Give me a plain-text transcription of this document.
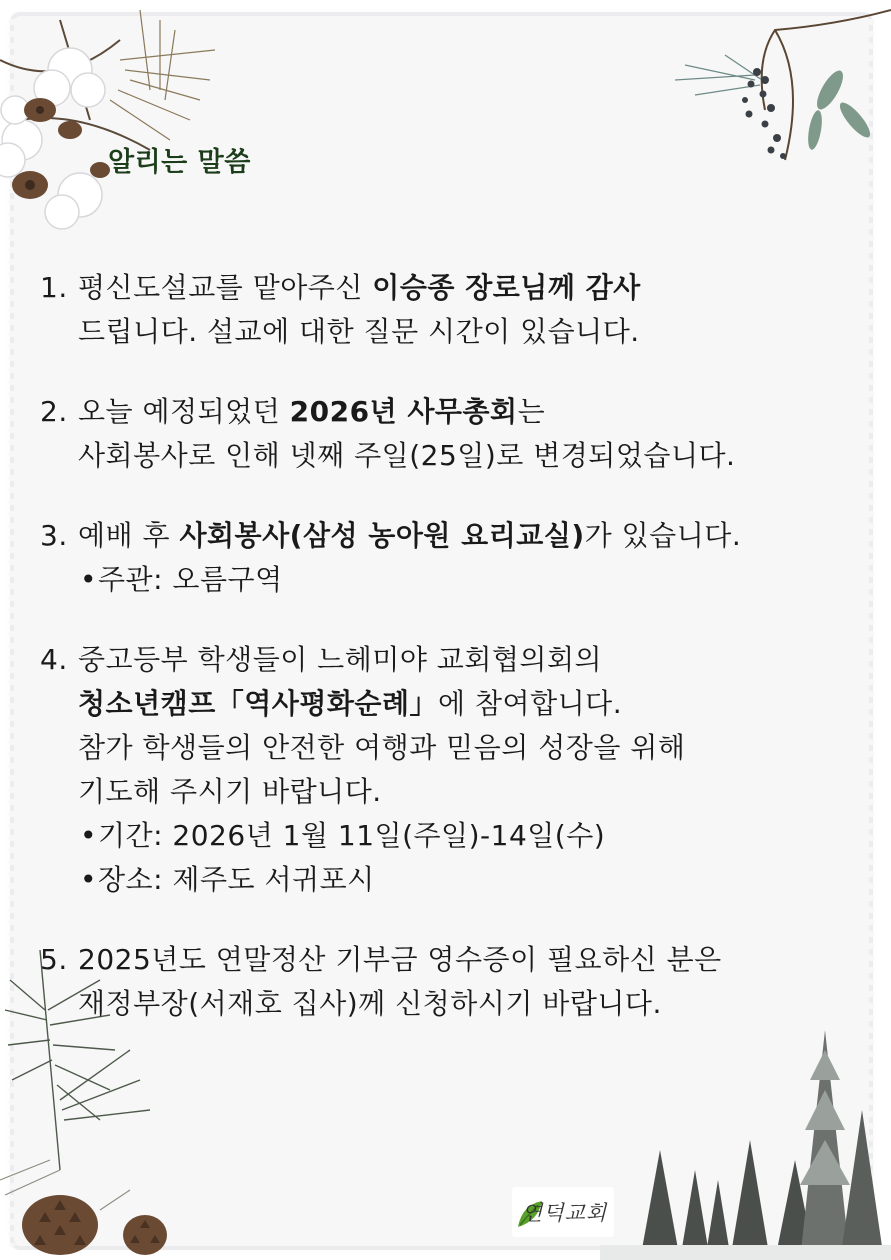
알리는 말씀
1. 평신도설교를 맡아주신 이승종 장로님께 감사
드립니다. 설교에 대한 질문 시간이 있습니다.
2. 오늘 예정되었던 2026년 사무총회는
사회봉사로 인해 넷째 주일(25일)로 변경되었습니다.
3. 예배 후 사회봉사(삼성 농아원 요리교실)가 있습니다.
•주관: 오름구역
4. 중고등부 학생들이 느헤미야 교회협의회의
청소년캠프「역사평화순례」에 참여합니다.
참가 학생들의 안전한 여행과 믿음의 성장을 위해
기도해 주시기 바랍니다.
•기간: 2026년 1월 11일(주일)-14일(수)
•장소: 제주도 서귀포시
5. 2025년도 연말정산 기부금 영수증이 필요하신 분은
재정부장(서재호 집사)께 신청하시기 바랍니다.
연덕교회
